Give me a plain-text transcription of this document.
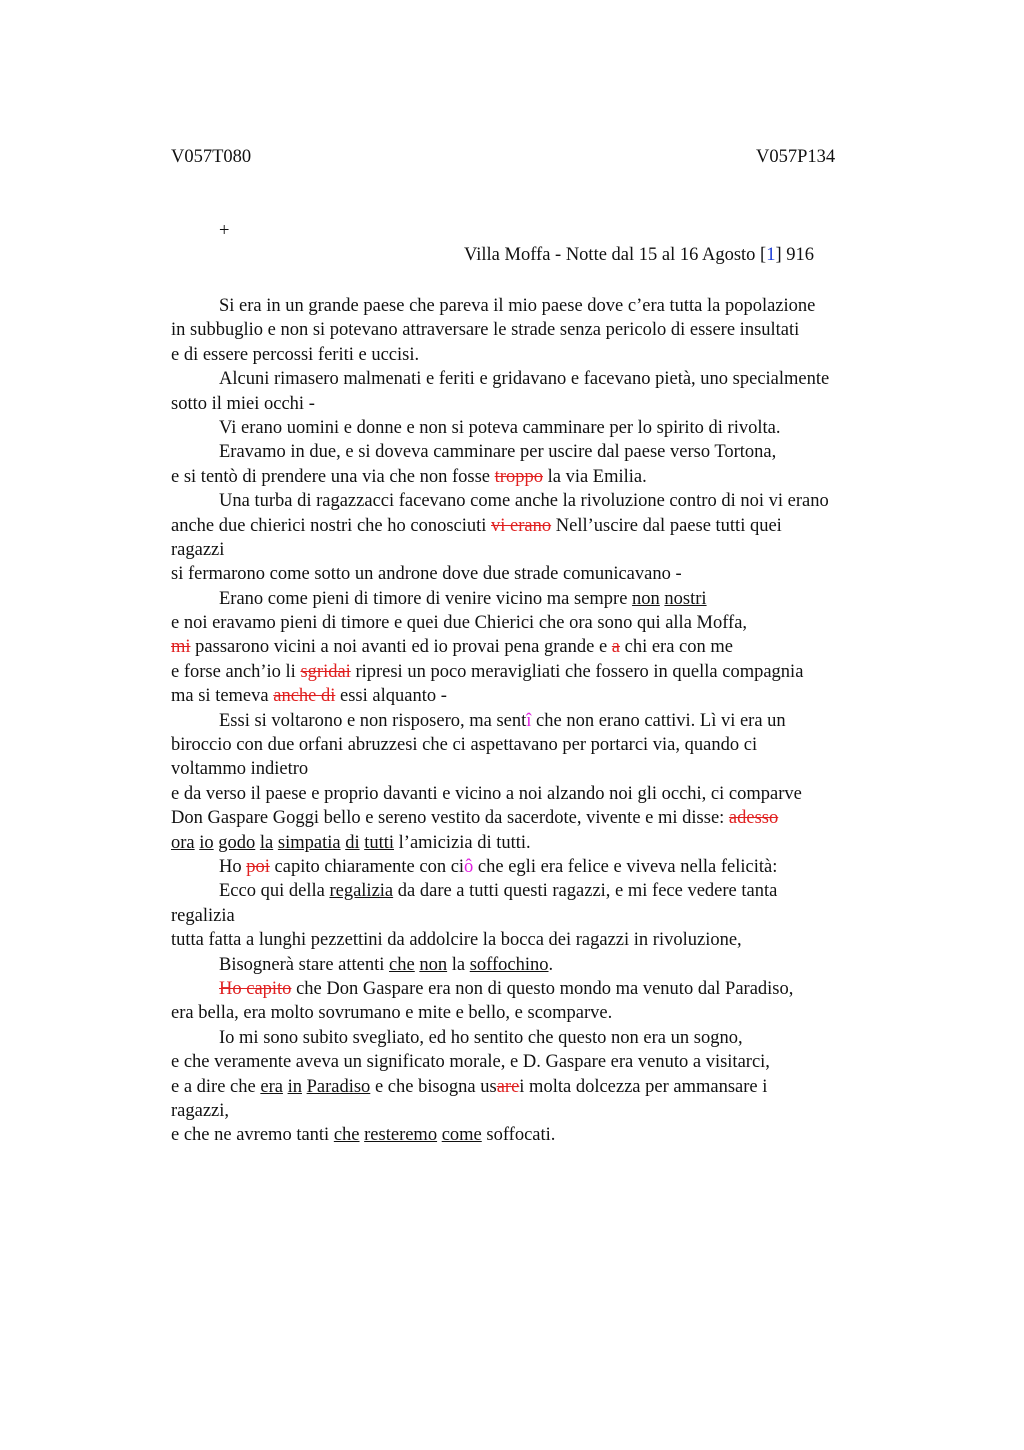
V057T080	V057P134
+
Villa Moffa - Notte dal 15 al 16 Agosto [1] 916
Si era in un grande paese che pareva il mio paese dove c’era tutta la popolazione
in subbuglio e non si potevano attraversare le strade senza pericolo di essere insultati
e di essere percossi feriti e uccisi.
Alcuni rimasero malmenati e feriti e gridavano e facevano pietà, uno specialmente
sotto il miei occhi -
Vi erano uomini e donne e non si poteva camminare per lo spirito di rivolta.
Eravamo in due, e si doveva camminare per uscire dal paese verso Tortona,
e si tentò di prendere una via che non fosse troppo la via Emilia.
Una turba di ragazzacci facevano come anche la rivoluzione contro di noi vi erano
anche due chierici nostri che ho conosciuti vi erano Nell’uscire dal paese tutti quei
ragazzi
si fermarono come sotto un androne dove due strade comunicavano -
Erano come pieni di timore di venire vicino ma sempre non nostri
e noi eravamo pieni di timore e quei due Chierici che ora sono qui alla Moffa,
mi passarono vicini a noi avanti ed io provai pena grande e a chi era con me
e forse anch’io li sgridai ripresi un poco meravigliati che fossero in quella compagnia
ma si temeva anche di essi alquanto -
Essi si voltarono e non risposero, ma sentî che non erano cattivi. Lì vi era un
biroccio con due orfani abruzzesi che ci aspettavano per portarci via, quando ci
voltammo indietro
e da verso il paese e proprio davanti e vicino a noi alzando noi gli occhi, ci comparve
Don Gaspare Goggi bello e sereno vestito da sacerdote, vivente e mi disse: adesso
ora io godo la simpatia di tutti l’amicizia di tutti.
Ho poi capito chiaramente con ciô che egli era felice e viveva nella felicità:
Ecco qui della regalizia da dare a tutti questi ragazzi, e mi fece vedere tanta
regalizia
tutta fatta a lunghi pezzettini da addolcire la bocca dei ragazzi in rivoluzione,
Bisognerà stare attenti che non la soffochino.
Ho capito che Don Gaspare era non di questo mondo ma venuto dal Paradiso,
era bella, era molto sovrumano e mite e bello, e scomparve.
Io mi sono subito svegliato, ed ho sentito che questo non era un sogno,
e che veramente aveva un significato morale, e D. Gaspare era venuto a visitarci,
e a dire che era in Paradiso e che bisogna usarei molta dolcezza per ammansare i
ragazzi,
e che ne avremo tanti che resteremo come soffocati.
